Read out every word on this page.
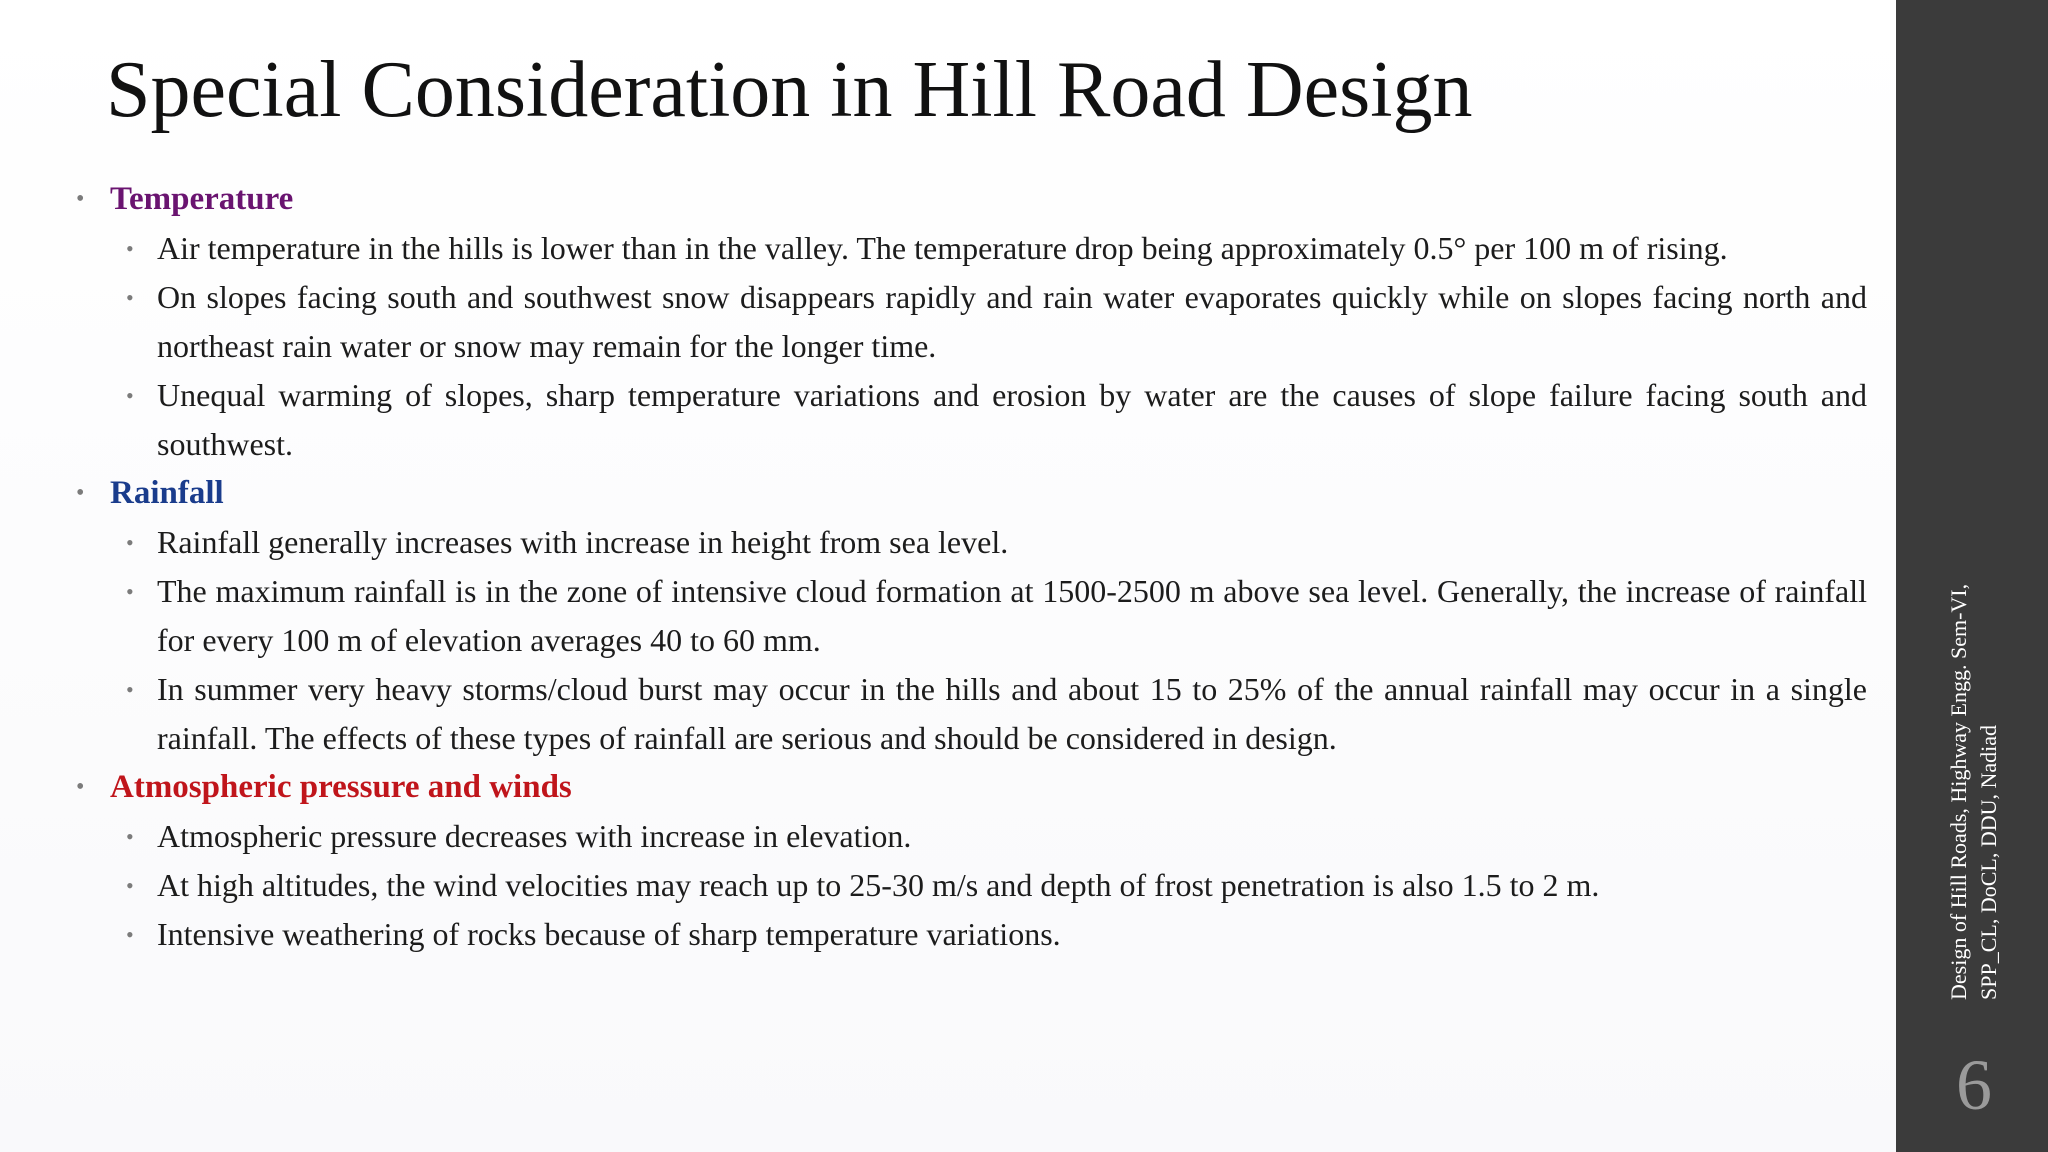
Special Consideration in Hill Road Design
• Temperature
• Air temperature in the hills is lower than in the valley. The temperature drop being approximately 0.5° per 100 m of rising.
• On slopes facing south and southwest snow disappears rapidly and rain water evaporates quickly while on slopes facing north and northeast rain water or snow may remain for the longer time.
• Unequal warming of slopes, sharp temperature variations and erosion by water are the causes of slope failure facing south and southwest.
• Rainfall
• Rainfall generally increases with increase in height from sea level.
• The maximum rainfall is in the zone of intensive cloud formation at 1500-2500 m above sea level. Generally, the increase of rainfall for every 100 m of elevation averages 40 to 60 mm.
• In summer very heavy storms/cloud burst may occur in the hills and about 15 to 25% of the annual rainfall may occur in a single rainfall. The effects of these types of rainfall are serious and should be considered in design.
• Atmospheric pressure and winds
• Atmospheric pressure decreases with increase in elevation.
• At high altitudes, the wind velocities may reach up to 25-30 m/s and depth of frost penetration is also 1.5 to 2 m.
• Intensive weathering of rocks because of sharp temperature variations.	Design of Hill Roads, Highway Engg. Sem-VI, SPP_CL, DoCL, DDU, Nadiad
6
